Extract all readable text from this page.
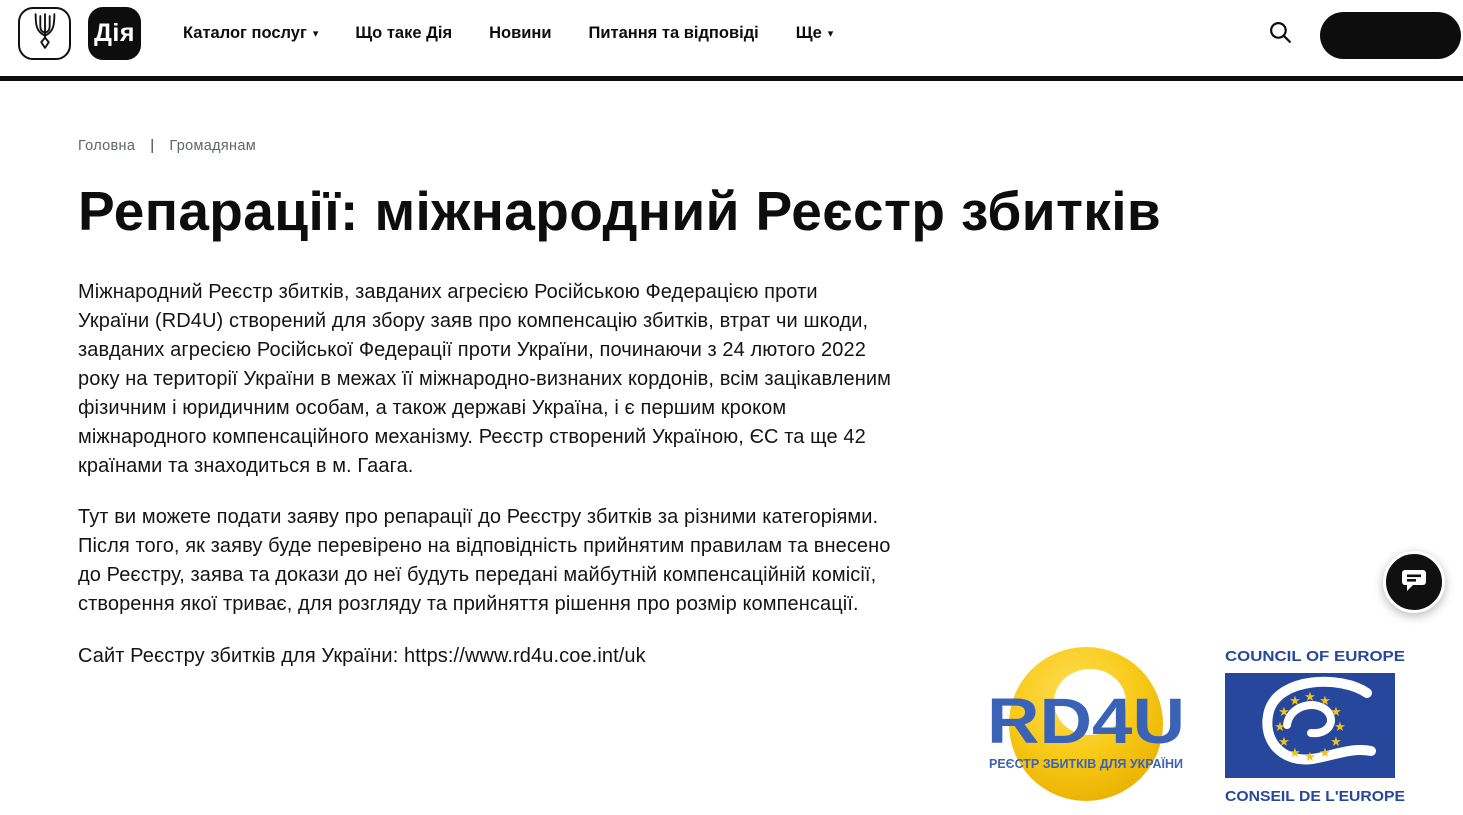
Дія	Каталог послуг ▾ Що таке Дія Новини Питання та відповіді Ще ▾
Головна | Громадянам
Репарації: міжнародний Реєстр збитків

Міжнародний Реєстр збитків, завданих агресією Російською Федерацією проти України (RD4U) створений для збору заяв про компенсацію збитків, втрат чи шкоди, завданих агресією Російської Федерації проти України, починаючи з 24 лютого 2022 року на території України в межах її міжнародно-визнаних кордонів, всім зацікавленим фізичним і юридичним особам, а також державі Україна, і є першим кроком міжнародного компенсаційного механізму. Реєстр створений Україною, ЄС та ще 42 країнами та знаходиться в м. Гаага.

Тут ви можете подати заяву про репарації до Реєстру збитків за різними категоріями. Після того, як заяву буде перевірено на відповідність прийнятим правилам та внесено до Реєстру, заява та докази до неї будуть передані майбутній компенсаційній комісії, створення якої триває, для розгляду та прийняття рішення про розмір компенсації.

Сайт Реєстру збитків для України: https://www.rd4u.coe.int/uk

RD4U
РЕЄСТР ЗБИТКІВ ДЛЯ УКРАЇНИ
COUNCIL OF EUROPE
★ ★
★
★
★
★
★
★
★
★
★
★
CONSEIL DE L'EUROPE
